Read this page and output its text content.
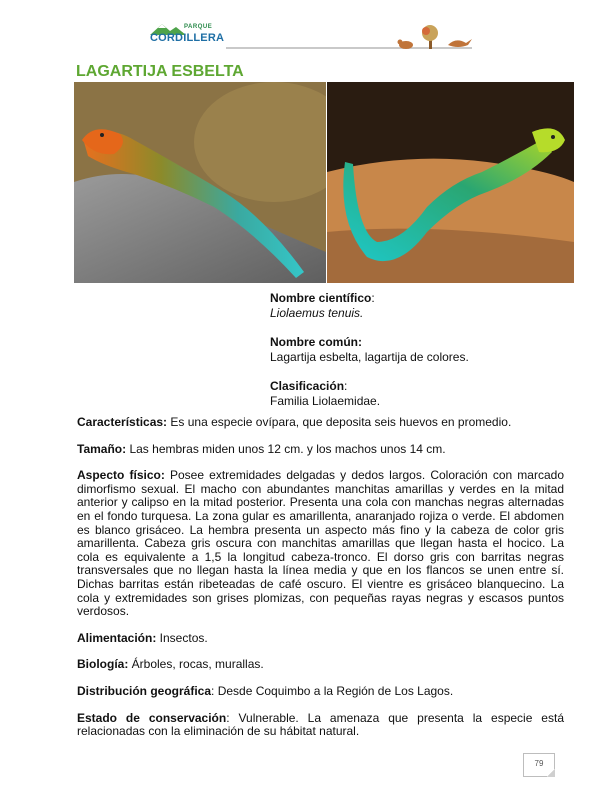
PARQUE
CORDILLERA
LAGARTIJA ESBELTA

Nombre científico:
Liolaemus tenuis.

Nombre común:
Lagartija esbelta, lagartija de colores.

Clasificación:
Familia Liolaemidae.

Características: Es una especie ovípara, que deposita seis huevos en promedio.

Tamaño: Las hembras miden unos 12 cm. y los machos unos 14 cm.

Aspecto físico: Posee extremidades delgadas y dedos largos. Coloración con marcado dimorfismo sexual. El macho con abundantes manchitas amarillas y verdes en la mitad anterior y calipso en la mitad posterior. Presenta una cola con manchas negras alternadas en el fondo turquesa. La zona gular es amarillenta, anaranjado rojiza o verde. El abdomen es blanco grisáceo. La hembra presenta un aspecto más fino y la cabeza de color gris amarillenta. Cabeza gris oscura con manchitas amarillas que llegan hasta el hocico. La cola es equivalente a 1,5 la longitud cabeza-tronco. El dorso gris con barritas negras transversales que no llegan hasta la línea media y que en los flancos se unen entre sí. Dichas barritas están ribeteadas de café oscuro. El vientre es grisáceo blanquecino. La cola y extremidades son grises plomizas, con pequeñas rayas negras y escasos puntos verdosos.

Alimentación: Insectos.

Biología: Árboles, rocas, murallas.

Distribución geográfica: Desde Coquimbo a la Región de Los Lagos.

Estado de conservación: Vulnerable. La amenaza que presenta la especie está relacionadas con la eliminación de su hábitat natural.

79
